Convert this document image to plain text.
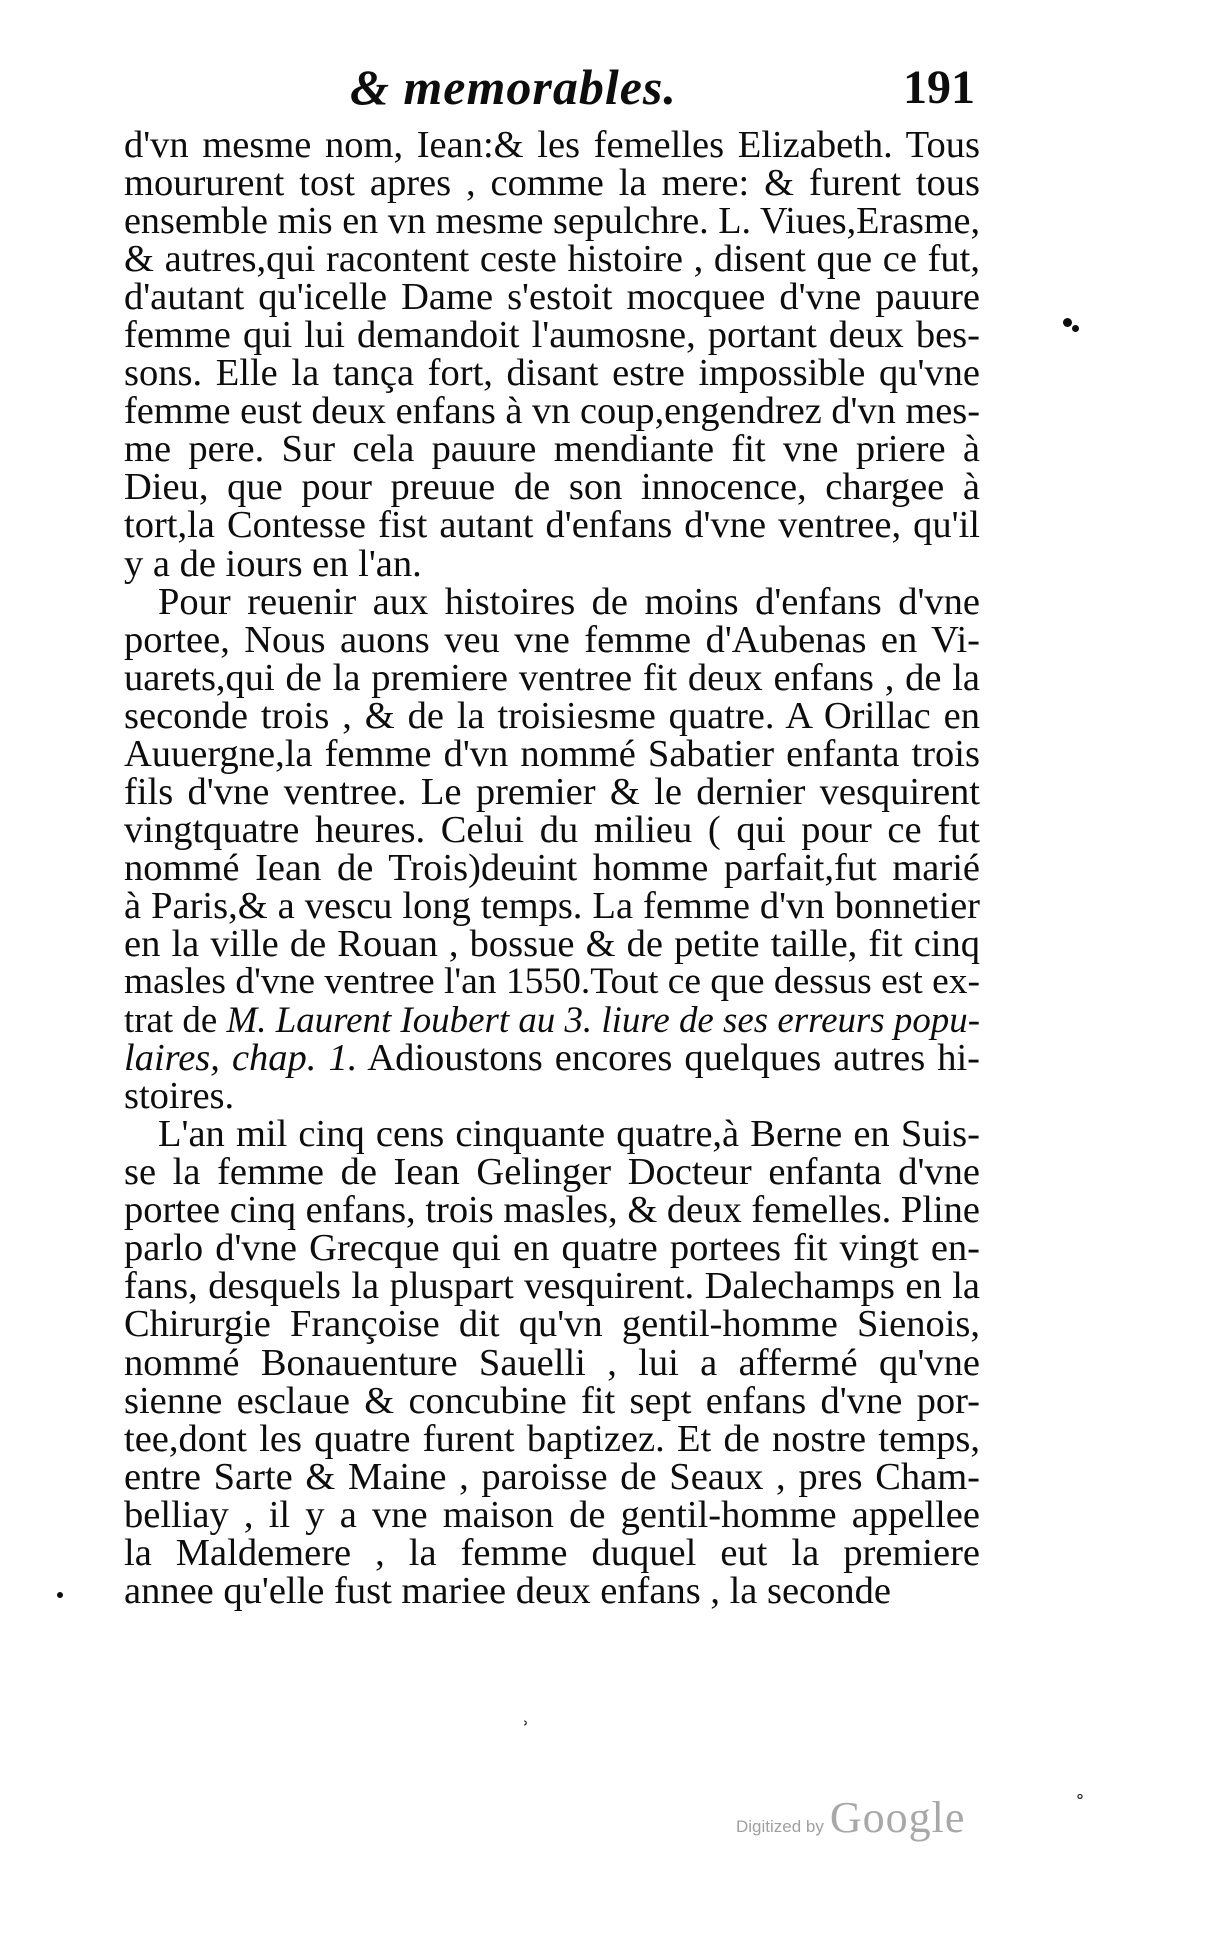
& memorables.	191
d'vn mesme nom, Iean:& les femelles Elizabeth. Tous
moururent tost apres , comme la mere: & furent tous
ensemble mis en vn mesme sepulchre. L. Viues,Erasme,
& autres,qui racontent ceste histoire , disent que ce fut,
d'autant qu'icelle Dame s'estoit mocquee d'vne pauure
femme qui lui demandoit l'aumosne, portant deux bes-
sons. Elle la tança fort, disant estre impossible qu'vne
femme eust deux enfans à vn coup,engendrez d'vn mes-
me pere. Sur cela pauure mendiante fit vne priere à
Dieu, que pour preuue de son innocence, chargee à
tort,la Contesse fist autant d'enfans d'vne ventree, qu'il
y a de iours en l'an.
Pour reuenir aux histoires de moins d'enfans d'vne
portee, Nous auons veu vne femme d'Aubenas en Vi-
uarets,qui de la premiere ventree fit deux enfans , de la
seconde trois , & de la troisiesme quatre. A Orillac en
Auuergne,la femme d'vn nommé Sabatier enfanta trois
fils d'vne ventree. Le premier & le dernier vesquirent
vingtquatre heures. Celui du milieu ( qui pour ce fut
nommé Iean de Trois)deuint homme parfait,fut marié
à Paris,& a vescu long temps. La femme d'vn bonnetier
en la ville de Rouan , bossue & de petite taille, fit cinq
masles d'vne ventree l'an 1550.Tout ce que dessus est ex-
trat de M. Laurent Ioubert au 3. liure de ses erreurs popu-
laires, chap. 1. Adioustons encores quelques autres hi-
stoires.
L'an mil cinq cens cinquante quatre,à Berne en Suis-
se la femme de Iean Gelinger Docteur enfanta d'vne
portee cinq enfans, trois masles, & deux femelles. Pline
parlo d'vne Grecque qui en quatre portees fit vingt en-
fans, desquels la pluspart vesquirent. Dalechamps en la
Chirurgie Françoise dit qu'vn gentil-homme Sienois,
nommé Bonauenture Sauelli , lui a affermé qu'vne
sienne esclaue & concubine fit sept enfans d'vne por-
tee,dont les quatre furent baptizez. Et de nostre temps,
entre Sarte & Maine , paroisse de Seaux , pres Cham-
belliay , il y a vne maison de gentil-homme appellee
la Maldemere , la femme duquel eut la premiere
annee qu'elle fust mariee deux enfans , la seconde
ʾ
˚
Digitized by Google
